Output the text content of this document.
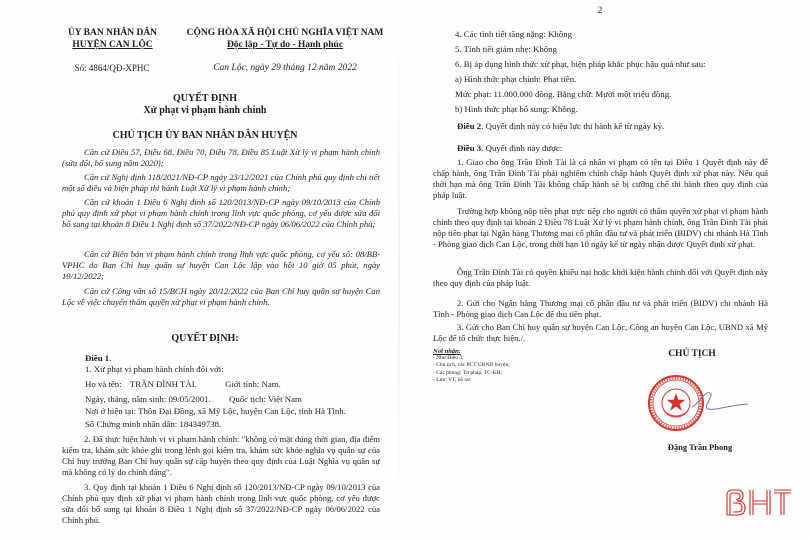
ỦY BAN NHÂN DÂN
HUYỆN CAN LỘC
CỘNG HÒA XÃ HỘI CHỦ NGHĨA VIỆT NAM
Độc lập - Tự do - Hạnh phúc
Số: 4864/QĐ-XPHC	Can Lộc, ngày 29 tháng 12 năm 2022
QUYẾT ĐỊNH
Xử phạt vi phạm hành chính
CHỦ TỊCH ỦY BAN NHÂN DÂN HUYỆN
Căn cứ Điều 57, Điều 68, Điều 70, Điều 78, Điều 85 Luật Xử lý vi phạm hành chính (sửa đổi, bổ sung năm 2020);
Căn cứ Nghị định 118/2021/NĐ-CP ngày 23/12/2021 của Chính phủ quy định chi tiết một số điều và biện pháp thi hành Luật Xử lý vi phạm hành chính;
Căn cứ khoản 1 Điều 6 Nghị định số 120/2013/NĐ-CP ngày 09/10/2013 của Chính phủ quy định xử phạt vi phạm hành chính trong lĩnh vực quốc phòng, cơ yếu được sửa đổi bổ sung tại khoản 8 Điều 1 Nghị định số 37/2022/NĐ-CP ngày 06/06/2022 của Chính phủ;
Căn cứ Biên bản vi phạm hành chính trong lĩnh vực quốc phòng, cơ yếu số: 08/BB-VPHC do Ban Chỉ huy quân sự huyện Can Lộc lập vào hồi 10 giờ 05 phút, ngày 19/12/2022;
Căn cứ Công văn số 15/BCH ngày 20/12/2022 của Ban Chỉ huy quân sự huyện Can Lộc về việc chuyển thẩm quyền xử phạt vi phạm hành chính.
QUYẾT ĐỊNH:
Điều 1.
1. Xử phạt vi phạm hành chính đối với:
Họ và tên: TRẦN ĐÌNH TÀI.	Giới tính: Nam.
Ngày, tháng, năm sinh: 09/05/2001. Quốc tịch: Việt Nam
Nơi ở hiện tại: Thôn Đại Đồng, xã Mỹ Lộc, huyện Can Lộc, tỉnh Hà Tĩnh.
Số Chứng minh nhân dân: 184349738.
2. Đã thực hiện hành vi vi phạm hành chính: "không có mặt đúng thời gian, địa điểm kiểm tra, khám sức khỏe ghi trong lệnh gọi kiểm tra, khám sức khỏe nghĩa vụ quân sự của Chỉ huy trưởng Ban Chỉ huy quân sự cấp huyện theo quy định của Luật Nghĩa vụ quân sự mà không có lý do chính đáng".
3. Quy định tại khoản 1 Điều 6 Nghị định số 120/2013/NĐ-CP ngày 09/10/2013 của Chính phủ quy định xử phạt vi phạm hành chính trong lĩnh vực quốc phòng, cơ yếu được sửa đổi bổ sung tại khoản 8 Điều 1 Nghị định số 37/2022/NĐ-CP ngày 06/06/2022 của Chính phủ.
2
4. Các tình tiết tăng nặng: Không
5. Tình tiết giảm nhẹ: Không
6. Bị áp dụng hình thức xử phạt, biện pháp khắc phục hậu quả như sau:
a) Hình thức phạt chính: Phạt tiền.
Mức phạt: 11.000.000 đồng. Bằng chữ: Mười một triệu đồng.
b) Hình thức phạt bổ sung: Không.
Điều 2. Quyết định này có hiệu lực thi hành kể từ ngày ký.
Điều 3. Quyết định này được:
1. Giao cho ông Trần Đình Tài là cá nhân vi phạm có tên tại Điều 1 Quyết định này để chấp hành, ông Trần Đình Tài phải nghiêm chỉnh chấp hành Quyết định xử phạt này. Nếu quá thời hạn mà ông Trần Đình Tài không chấp hành sẽ bị cưỡng chế thi hành theo quy định của pháp luật.
Trường hợp không nộp tiền phạt trực tiếp cho người có thẩm quyền xử phạt vi phạm hành chính theo quy định tại khoản 2 Điều 78 Luật Xử lý vi phạm hành chính, ông Trần Đình Tài phải nộp tiền phạt tại Ngân hàng Thương mại cổ phần đầu tư và phát triển (BIDV) chi nhánh Hà Tĩnh - Phòng giao dịch Can Lộc, trong thời hạn 10 ngày kể từ ngày nhận được Quyết định xử phạt.
Ông Trần Đình Tài có quyền khiếu nại hoặc khởi kiện hành chính đối với Quyết định này theo quy định của pháp luật.
2. Gửi cho Ngân hàng Thương mại cổ phần đầu tư và phát triển (BIDV) chi nhánh Hà Tĩnh - Phòng giao dịch Can Lộc để thu tiền phạt.
3. Gửi cho Ban Chỉ huy quân sự huyện Can Lộc, Công an huyện Can Lộc, UBND xã Mỹ Lộc để tổ chức thực hiện./.
Nơi nhận:
- Như Điều 3;
- Chủ tịch, các PCT UBND huyện;
- Các phòng: Tư pháp, TC-KH;
- Lưu: VT, hồ sơ.
CHỦ TỊCH
Đặng Trần Phong
